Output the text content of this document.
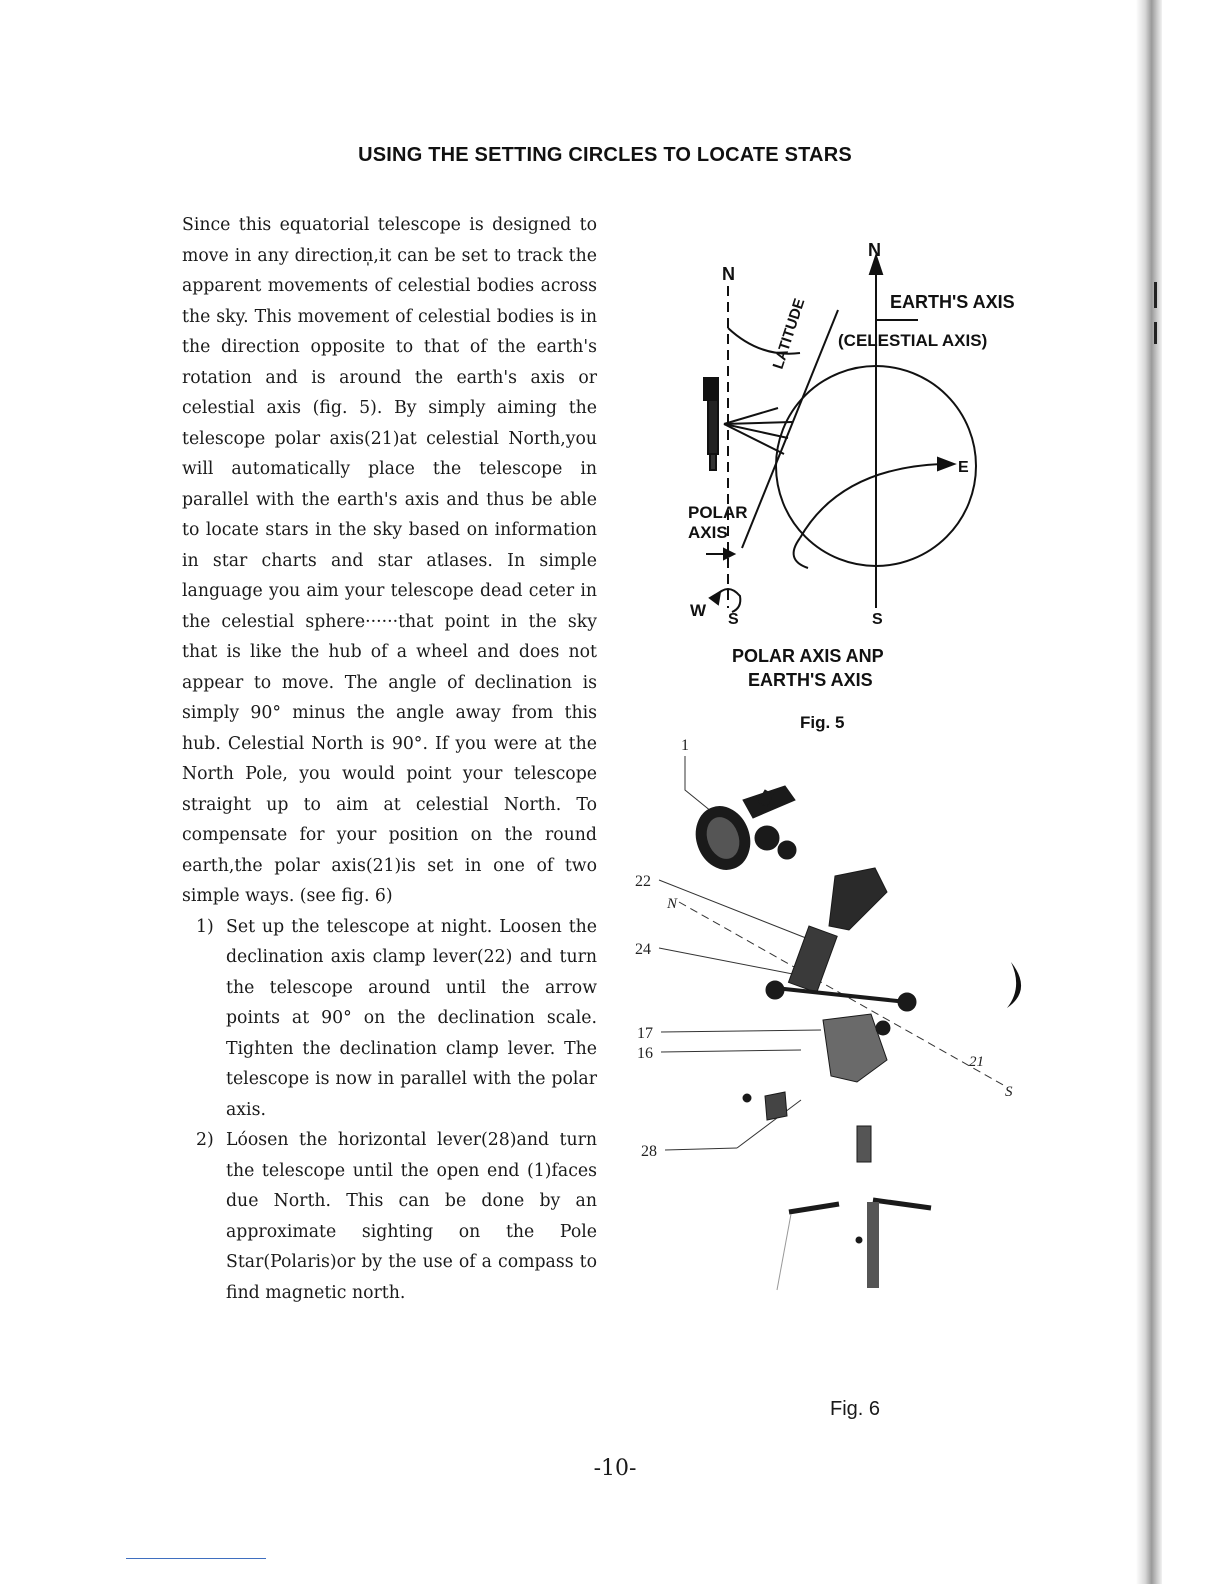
USING THE SETTING CIRCLES TO LOCATE STARS

Since this equatorial telescope is designed to move in any direction̩,it can be set to track the apparent movements of celestial bodies across the sky. This movement of celestial bodies is in the direction opposite to that of the earth's rotation and is around the earth's axis or celestial axis (fig. 5). By simply aiming the telescope polar axis(21)at celestial North,you will automatically place the telescope in parallel with the earth's axis and thus be able to locate stars in the sky based on information in star charts and star atlases. In simple language you aim your telescope dead ceter in the celestial sphere······that point in the sky that is like the hub of a wheel and does not appear to move. The angle of declination is simply 90° minus the angle away from this hub. Celestial North is 90°. If you were at the North Pole, you would point your telescope straight up to aim at celestial North. To compensate for your position on the round earth,the polar axis(21)is set in one of two simple ways. (see fig. 6)

1) Set up the telescope at night. Loosen the declination axis clamp lever(22) and turn the telescope around until the arrow points at 90° on the declination scale. Tighten the declination clamp lever. The telescope is now in parallel with the polar axis.
2) Lóosen the horizontal lever(28)and turn the telescope until the open end (1)faces due North. This can be done by an approximate sighting on the Pole Star(Polaris)or by the use of a compass to find magnetic north.
N
N
LATITUDE	EARTH'S AXIS
(CELESTIAL AXIS)
E
POLAR
AXIS
W S	S
POLAR AXIS ANP
EARTH'S AXIS
Fig. 5
1
22
24
17
16
28
N
21
S
Fig. 6
-10-
